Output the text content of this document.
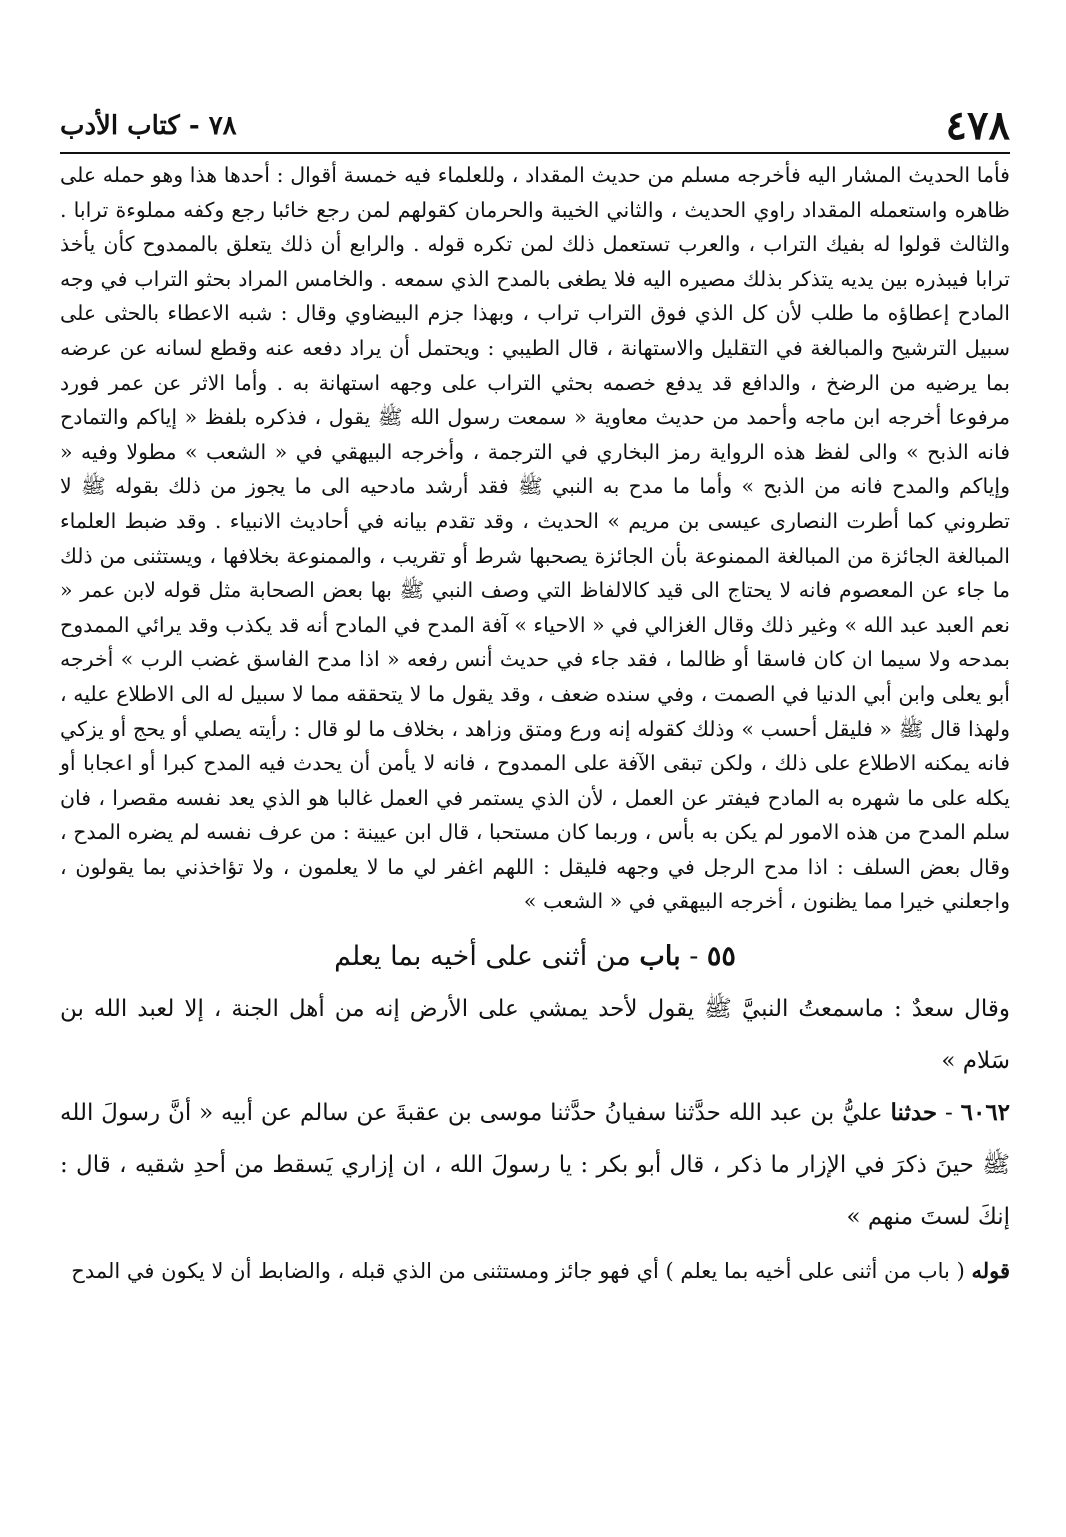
٤٧٨
٧٨ - كتاب الأدب

فأما الحديث المشار اليه فأخرجه مسلم من حديث المقداد ، وللعلماء فيه خمسة أقوال : أحدها هذا وهو حمله على ظاهره واستعمله المقداد راوي الحديث ، والثاني الخيبة والحرمان كقولهم لمن رجع خائبا رجع وكفه مملوءة ترابا . والثالث قولوا له بفيك التراب ، والعرب تستعمل ذلك لمن تكره قوله . والرابع أن ذلك يتعلق بالممدوح كأن يأخذ ترابا فيبذره بين يديه يتذكر بذلك مصيره اليه فلا يطغى بالمدح الذي سمعه . والخامس المراد بحثو التراب في وجه المادح إعطاؤه ما طلب لأن كل الذي فوق التراب تراب ، وبهذا جزم البيضاوي وقال : شبه الاعطاء بالحثى على سبيل الترشيح والمبالغة في التقليل والاستهانة ، قال الطيبي : ويحتمل أن يراد دفعه عنه وقطع لسانه عن عرضه بما يرضيه من الرضخ ، والدافع قد يدفع خصمه بحثي التراب على وجهه استهانة به . وأما الاثر عن عمر فورد مرفوعا أخرجه ابن ماجه وأحمد من حديث معاوية « سمعت رسول الله ﷺ يقول ، فذكره بلفظ « إياكم والتمادح فانه الذبح » والى لفظ هذه الرواية رمز البخاري في الترجمة ، وأخرجه البيهقي في « الشعب » مطولا وفيه « وإياكم والمدح فانه من الذبح » وأما ما مدح به النبي ﷺ فقد أرشد مادحيه الى ما يجوز من ذلك بقوله ﷺ لا تطروني كما أطرت النصارى عيسى بن مريم » الحديث ، وقد تقدم بيانه في أحاديث الانبياء . وقد ضبط العلماء المبالغة الجائزة من المبالغة الممنوعة بأن الجائزة يصحبها شرط أو تقريب ، والممنوعة بخلافها ، ويستثنى من ذلك ما جاء عن المعصوم فانه لا يحتاج الى قيد كالالفاظ التي وصف النبي ﷺ بها بعض الصحابة مثل قوله لابن عمر « نعم العبد عبد الله » وغير ذلك وقال الغزالي في « الاحياء » آفة المدح في المادح أنه قد يكذب وقد يرائي الممدوح بمدحه ولا سيما ان كان فاسقا أو ظالما ، فقد جاء في حديث أنس رفعه « اذا مدح الفاسق غضب الرب » أخرجه أبو يعلى وابن أبي الدنيا في الصمت ، وفي سنده ضعف ، وقد يقول ما لا يتحققه مما لا سبيل له الى الاطلاع عليه ، ولهذا قال ﷺ « فليقل أحسب » وذلك كقوله إنه ورع ومتق وزاهد ، بخلاف ما لو قال : رأيته يصلي أو يحج أو يزكي فانه يمكنه الاطلاع على ذلك ، ولكن تبقى الآفة على الممدوح ، فانه لا يأمن أن يحدث فيه المدح كبرا أو اعجابا أو يكله على ما شهره به المادح فيفتر عن العمل ، لأن الذي يستمر في العمل غالبا هو الذي يعد نفسه مقصرا ، فان سلم المدح من هذه الامور لم يكن به بأس ، وربما كان مستحبا ، قال ابن عيينة : من عرف نفسه لم يضره المدح ، وقال بعض السلف : اذا مدح الرجل في وجهه فليقل : اللهم اغفر لي ما لا يعلمون ، ولا تؤاخذني بما يقولون ، واجعلني خيرا مما يظنون ، أخرجه البيهقي في « الشعب »

٥٥ - باب من أثنى على أخيه بما يعلم

وقال سعدٌ : ماسمعتُ النبيَّ ﷺ يقول لأحد يمشي على الأرض إنه من أهل الجنة ، إلا لعبد الله بن سَلام »

٦٠٦٢ - حدثنا عليُّ بن عبد الله حدَّثنا سفيانُ حدَّثنا موسى بن عقبةَ عن سالم عن أبيه « أنَّ رسولَ الله ﷺ حينَ ذكرَ في الإزار ما ذكر ، قال أبو بكر : يا رسولَ الله ، ان إزاري يَسقط من أحدِ شقيه ، قال : إنكَ لستَ منهم »

قوله ( باب من أثنى على أخيه بما يعلم ) أي فهو جائز ومستثنى من الذي قبله ، والضابط أن لا يكون في المدح
